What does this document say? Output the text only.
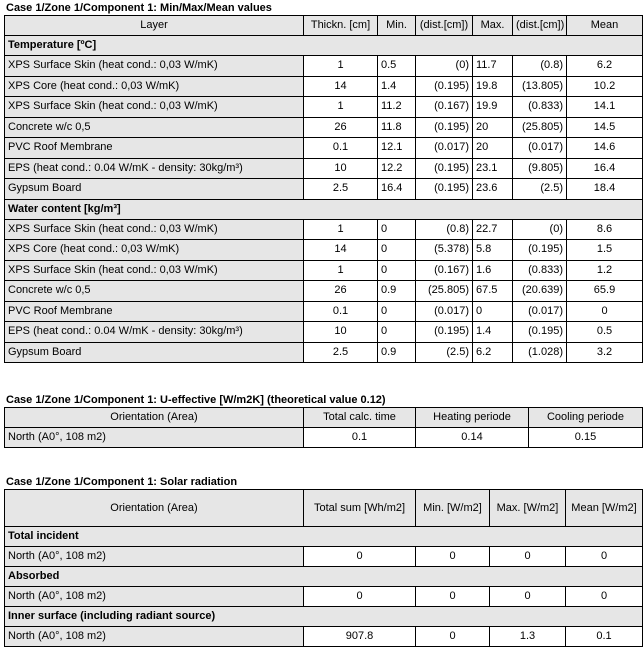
Case 1/Zone 1/Component 1: Min/Max/Mean values
Layer	Thickn. [cm]	Min.	(dist.[cm])	Max.	(dist.[cm])	Mean
Temperature [ºC]						
XPS Surface Skin (heat cond.: 0,03 W/mK)	1	0.5	(0)	11.7	(0.8)	6.2
XPS Core (heat cond.: 0,03 W/mK)	14	1.4	(0.195)	19.8	(13.805)	10.2
XPS Surface Skin (heat cond.: 0,03 W/mK)	1	11.2	(0.167)	19.9	(0.833)	14.1
Concrete w/c 0,5	26	11.8	(0.195)	20	(25.805)	14.5
PVC Roof Membrane	0.1	12.1	(0.017)	20	(0.017)	14.6
EPS (heat cond.: 0.04 W/mK - density: 30kg/m³)	10	12.2	(0.195)	23.1	(9.805)	16.4
Gypsum Board	2.5	16.4	(0.195)	23.6	(2.5)	18.4
Water content [kg/m³]						
XPS Surface Skin (heat cond.: 0,03 W/mK)	1	0	(0.8)	22.7	(0)	8.6
XPS Core (heat cond.: 0,03 W/mK)	14	0	(5.378)	5.8	(0.195)	1.5
XPS Surface Skin (heat cond.: 0,03 W/mK)	1	0	(0.167)	1.6	(0.833)	1.2
Concrete w/c 0,5	26	0.9	(25.805)	67.5	(20.639)	65.9
PVC Roof Membrane	0.1	0	(0.017)	0	(0.017)	0
EPS (heat cond.: 0.04 W/mK - density: 30kg/m³)	10	0	(0.195)	1.4	(0.195)	0.5
Gypsum Board	2.5	0.9	(2.5)	6.2	(1.028)	3.2
Case 1/Zone 1/Component 1: U-effective [W/m2K] (theoretical value 0.12)
Orientation (Area)	Total calc. time	Heating periode	Cooling periode
North (A0°, 108 m2)	0.1	0.14	0.15
Case 1/Zone 1/Component 1: Solar radiation
Orientation (Area)	Total sum [Wh/m2]	Min. [W/m2]	Max. [W/m2]	Mean [W/m2]
Total incident				
North (A0°, 108 m2)	0	0	0	0
Absorbed				
North (A0°, 108 m2)	0	0	0	0
Inner surface (including radiant source)				
North (A0°, 108 m2)	907.8	0	1.3	0.1
